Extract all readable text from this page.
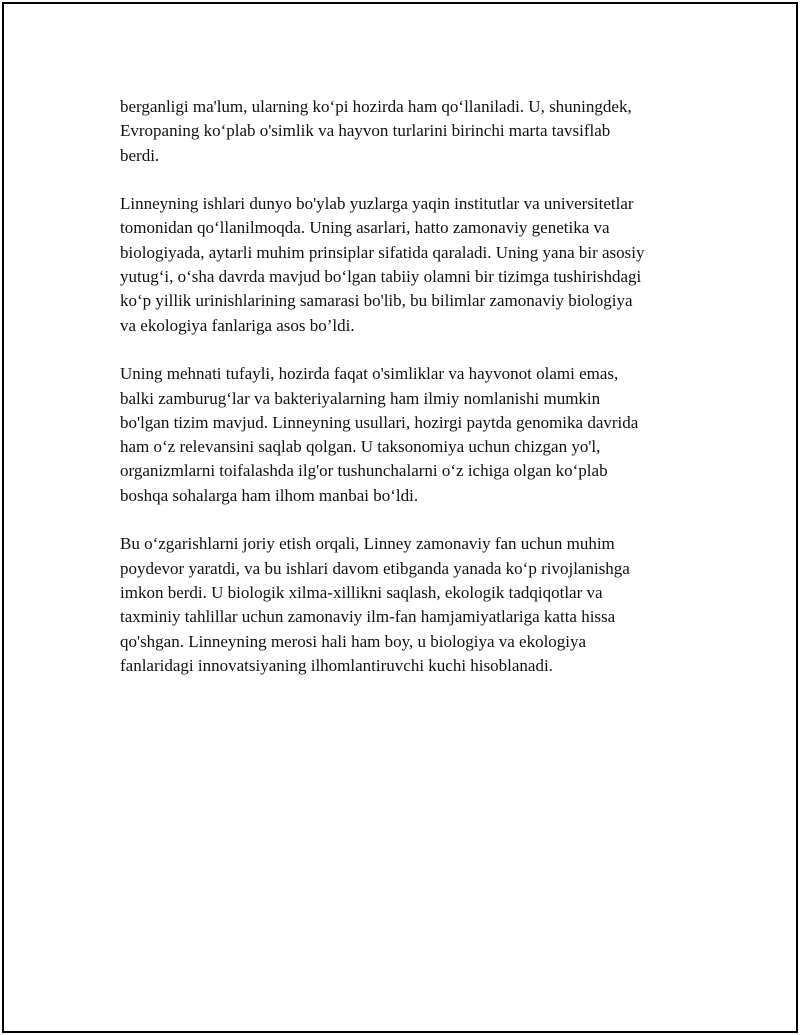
berganligi ma'lum, ularning ko‘pi hozirda ham qo‘llaniladi. U, shuningdek,
Evropaning ko‘plab o'simlik va hayvon turlarini birinchi marta tavsiflab
berdi.

Linneyning ishlari dunyo bo'ylab yuzlarga yaqin institutlar va universitetlar
tomonidan qo‘llanilmoqda. Uning asarlari, hatto zamonaviy genetika va
biologiyada, aytarli muhim prinsiplar sifatida qaraladi. Uning yana bir asosiy
yutug‘i, o‘sha davrda mavjud bo‘lgan tabiiy olamni bir tizimga tushirishdagi
ko‘p yillik urinishlarining samarasi bo'lib, bu bilimlar zamonaviy biologiya
va ekologiya fanlariga asos bo’ldi.

Uning mehnati tufayli, hozirda faqat o'simliklar va hayvonot olami emas,
balki zamburug‘lar va bakteriyalarning ham ilmiy nomlanishi mumkin
bo'lgan tizim mavjud. Linneyning usullari, hozirgi paytda genomika davrida
ham o‘z relevansini saqlab qolgan. U taksonomiya uchun chizgan yo'l,
organizmlarni toifalashda ilg'or tushunchalarni o‘z ichiga olgan ko‘plab
boshqa sohalarga ham ilhom manbai bo‘ldi.

Bu o‘zgarishlarni joriy etish orqali, Linney zamonaviy fan uchun muhim
poydevor yaratdi, va bu ishlari davom etibganda yanada ko‘p rivojlanishga
imkon berdi. U biologik xilma-xillikni saqlash, ekologik tadqiqotlar va
taxminiy tahlillar uchun zamonaviy ilm-fan hamjamiyatlariga katta hissa
qo'shgan. Linneyning merosi hali ham boy, u biologiya va ekologiya
fanlaridagi innovatsiyaning ilhomlantiruvchi kuchi hisoblanadi.
